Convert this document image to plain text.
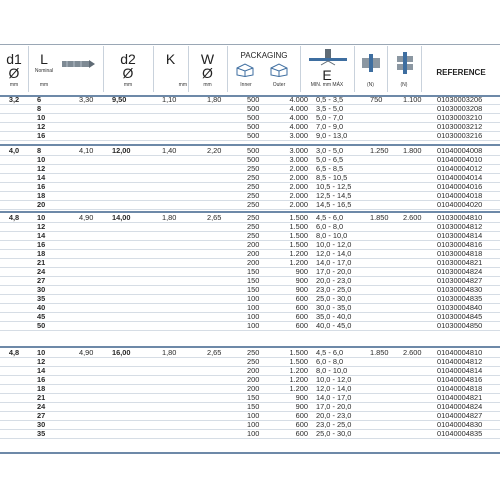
d1
Ø
mm
L
Nominal
mm
d2
Ø
mm
K
mm
W
Ø
mm
PACKAGING
Inner	Outer
E
MIN. mm MÁX	(N)	(N)
REFERENCE
3,2	6	3,30	9,50	1,10	1,80	500	4.000	0,5 - 3,5	750	1.100	01030003206
	8					500	4.000	3,5 - 5,0			01030003208
	10					500	4.000	5,0 - 7,0			01030003210
	12					500	4.000	7,0 - 9,0			01030003212
	16					500	3.000	9,0 - 13,0			01030003216
4,0	8	4,10	12,00	1,40	2,20	500	3.000	3,0 - 5,0	1.250	1.800	01040004008
	10					500	3.000	5,0 - 6,5			01040004010
	12					250	2.000	6,5 - 8,5			01040004012
	14					250	2.000	8,5 - 10,5			01040004014
	16					250	2.000	10,5 - 12,5			01040004016
	18					250	2.000	12,5 - 14,5			01040004018
	20					250	2.000	14,5 - 16,5			01040004020
4,8	10	4,90	14,00	1,80	2,65	250	1.500	4,5 - 6,0	1.850	2.600	01030004810
	12					250	1.500	6,0 - 8,0			01030004812
	14					250	1.500	8,0 - 10,0			01030004814
	16					200	1.500	10,0 - 12,0			01030004816
	18					200	1.200	12,0 - 14,0			01030004818
	21					200	1.200	14,0 - 17,0			01030004821
	24					150	900	17,0 - 20,0			01030004824
	27					150	900	20,0 - 23,0			01030004827
	30					150	900	23,0 - 25,0			01030004830
	35					100	600	25,0 - 30,0			01030004835
	40					100	600	30,0 - 35,0			01030004840
	45					100	600	35,0 - 40,0			01030004845
	50					100	600	40,0 - 45,0			01030004850
4,8	10	4,90	16,00	1,80	2,65	250	1.500	4,5 - 6,0	1.850	2.600	01040004810
	12					250	1.500	6,0 - 8,0			01040004812
	14					200	1.200	8,0 - 10,0			01040004814
	16					200	1.200	10,0 - 12,0			01040004816
	18					200	1.200	12,0 - 14,0			01040004818
	21					150	900	14,0 - 17,0			01040004821
	24					150	900	17,0 - 20,0			01040004824
	27					100	600	20,0 - 23,0			01040004827
	30					100	600	23,0 - 25,0			01040004830
	35					100	600	25,0 - 30,0			01040004835
